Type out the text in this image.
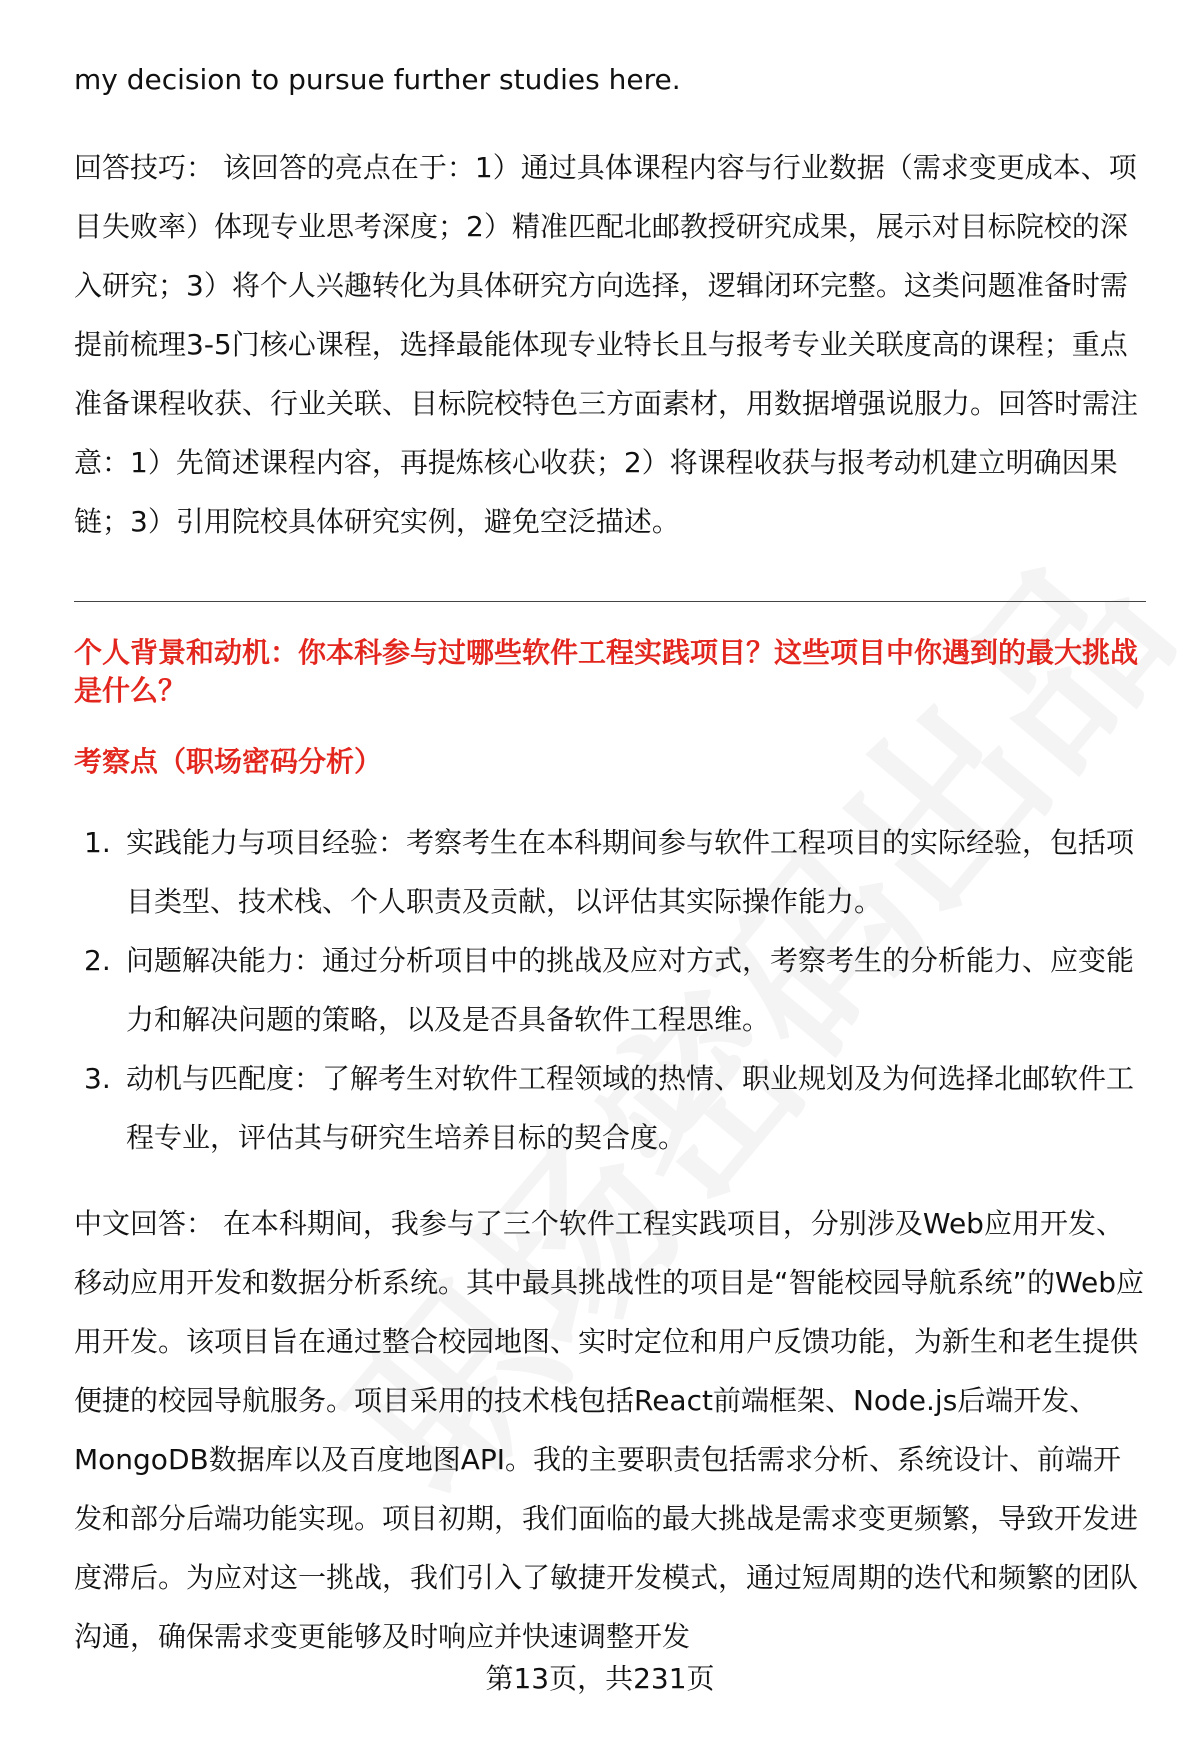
my decision to pursue further studies here.
回答技巧： 该回答的亮点在于：1）通过具体课程内容与行业数据（需求变更成本、项目失败率）体现专业思考深度；2）精准匹配北邮教授研究成果，展示对目标院校的深入研究；3）将个人兴趣转化为具体研究方向选择，逻辑闭环完整。这类问题准备时需提前梳理3-5门核心课程，选择最能体现专业特长且与报考专业关联度高的课程；重点准备课程收获、行业关联、目标院校特色三方面素材，用数据增强说服力。回答时需注意：1）先简述课程内容，再提炼核心收获；2）将课程收获与报考动机建立明确因果链；3）引用院校具体研究实例，避免空泛描述。
个人背景和动机：你本科参与过哪些软件工程实践项目？这些项目中你遇到的最大挑战是什么？
考察点（职场密码分析）
1. 实践能力与项目经验：考察考生在本科期间参与软件工程项目的实际经验，包括项目类型、技术栈、个人职责及贡献，以评估其实际操作能力。
2. 问题解决能力：通过分析项目中的挑战及应对方式，考察考生的分析能力、应变能力和解决问题的策略，以及是否具备软件工程思维。
3. 动机与匹配度：了解考生对软件工程领域的热情、职业规划及为何选择北邮软件工程专业，评估其与研究生培养目标的契合度。
中文回答： 在本科期间，我参与了三个软件工程实践项目，分别涉及Web应用开发、移动应用开发和数据分析系统。其中最具挑战性的项目是“智能校园导航系统”的Web应用开发。该项目旨在通过整合校园地图、实时定位和用户反馈功能，为新生和老生提供便捷的校园导航服务。项目采用的技术栈包括React前端框架、Node.js后端开发、MongoDB数据库以及百度地图API。我的主要职责包括需求分析、系统设计、前端开发和部分后端功能实现。项目初期，我们面临的最大挑战是需求变更频繁，导致开发进度滞后。为应对这一挑战，我们引入了敏捷开发模式，通过短周期的迭代和频繁的团队沟通，确保需求变更能够及时响应并快速调整开发
第13页，共231页
